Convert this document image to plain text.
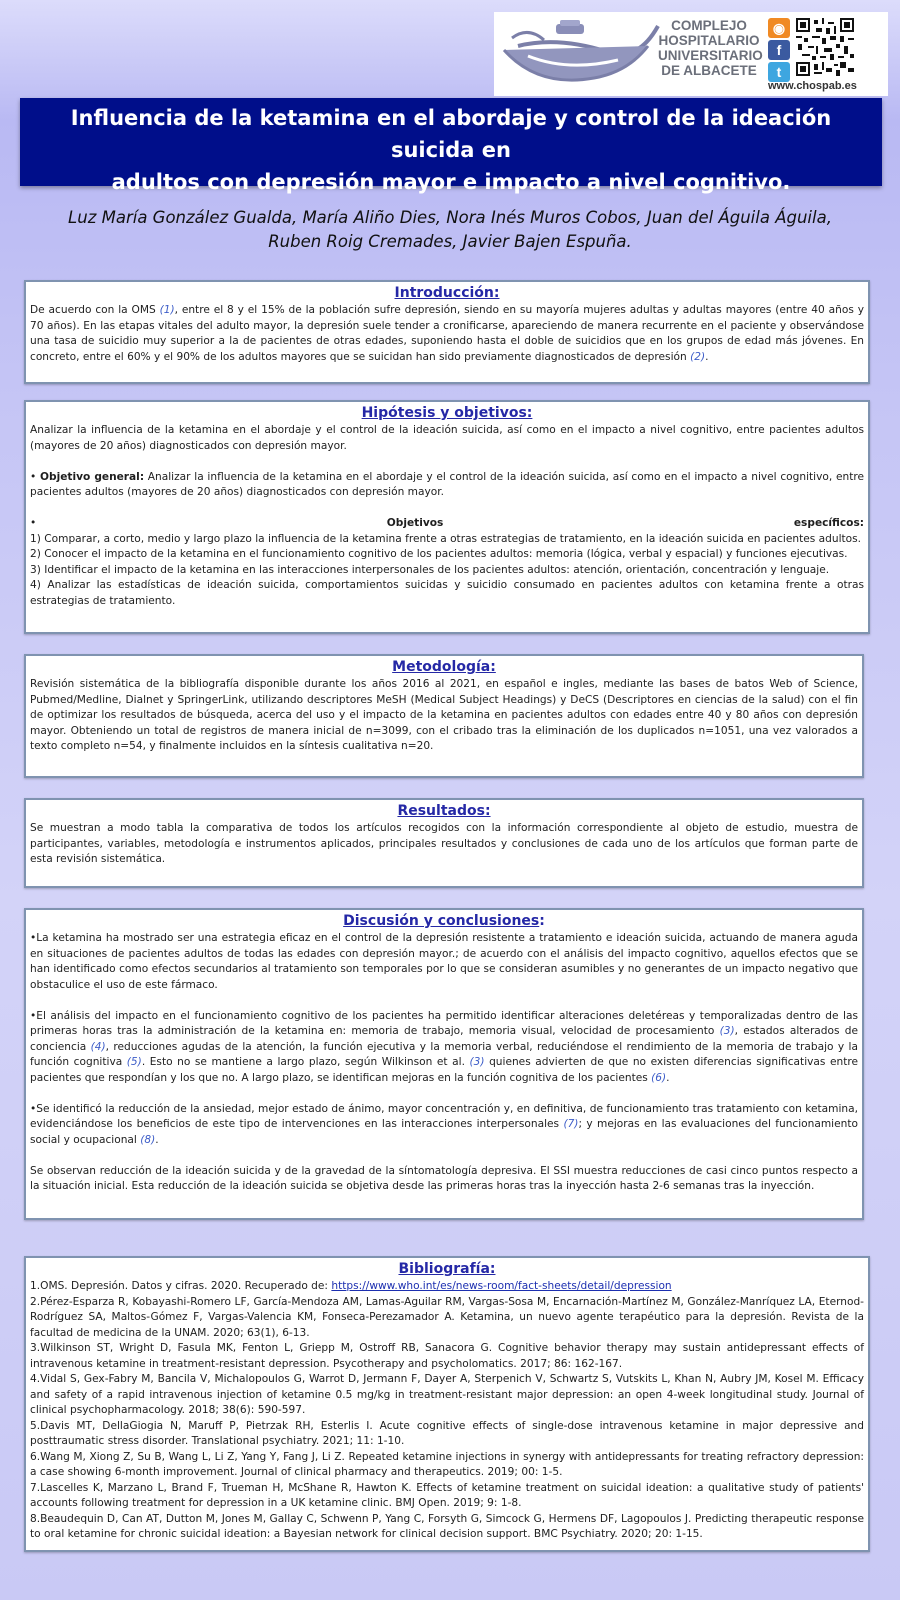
COMPLEJO
HOSPITALARIO
UNIVERSITARIO
DE ALBACETE
◉
f
t
www.chospab.es
Influencia de la ketamina en el abordaje y control de la ideación suicida en
adultos con depresión mayor e impacto a nivel cognitivo.
Luz María González Gualda, María Aliño Dies, Nora Inés Muros Cobos, Juan del Águila Águila,
Ruben Roig Cremades, Javier Bajen Espuña.
Introducción:

De acuerdo con la OMS (1), entre el 8 y el 15% de la población sufre depresión, siendo en su mayoría mujeres adultas y adultas mayores (entre 40 años y 70 años). En las etapas vitales del adulto mayor, la depresión suele tender a cronificarse, apareciendo de manera recurrente en el paciente y observándose una tasa de suicidio muy superior a la de pacientes de otras edades, suponiendo hasta el doble de suicidios que en los grupos de edad más jóvenes. En concreto, entre el 60% y el 90% de los adultos mayores que se suicidan han sido previamente diagnosticados de depresión (2).

Hipótesis y objetivos:

Analizar la influencia de la ketamina en el abordaje y el control de la ideación suicida, así como en el impacto a nivel cognitivo, entre pacientes adultos (mayores de 20 años) diagnosticados con depresión mayor.

• Objetivo general: Analizar la influencia de la ketamina en el abordaje y el control de la ideación suicida, así como en el impacto a nivel cognitivo, entre pacientes adultos (mayores de 20 años) diagnosticados con depresión mayor.

•	Objetivos	específicos:

1) Comparar, a corto, medio y largo plazo la influencia de la ketamina frente a otras estrategias de tratamiento, en la ideación suicida en pacientes adultos.

2) Conocer el impacto de la ketamina en el funcionamiento cognitivo de los pacientes adultos: memoria (lógica, verbal y espacial) y funciones ejecutivas.

3) Identificar el impacto de la ketamina en las interacciones interpersonales de los pacientes adultos: atención, orientación, concentración y lenguaje.

4) Analizar las estadísticas de ideación suicida, comportamientos suicidas y suicidio consumado en pacientes adultos con ketamina frente a otras estrategias de tratamiento.

Metodología:

Revisión sistemática de la bibliografía disponible durante los años 2016 al 2021, en español e ingles, mediante las bases de batos Web of Science, Pubmed/Medline, Dialnet y SpringerLink, utilizando descriptores MeSH (Medical Subject Headings) y DeCS (Descriptores en ciencias de la salud) con el fin de optimizar los resultados de búsqueda, acerca del uso y el impacto de la ketamina en pacientes adultos con edades entre 40 y 80 años con depresión mayor. Obteniendo un total de registros de manera inicial de n=3099, con el cribado tras la eliminación de los duplicados n=1051, una vez valorados a texto completo n=54, y finalmente incluidos en la síntesis cualitativa n=20.

Resultados:

Se muestran a modo tabla la comparativa de todos los artículos recogidos con la información correspondiente al objeto de estudio, muestra de participantes, variables, metodología e instrumentos aplicados, principales resultados y conclusiones de cada uno de los artículos que forman parte de esta revisión sistemática.

Discusión y conclusiones:

•La ketamina ha mostrado ser una estrategia eficaz en el control de la depresión resistente a tratamiento e ideación suicida, actuando de manera aguda en situaciones de pacientes adultos de todas las edades con depresión mayor.; de acuerdo con el análisis del impacto cognitivo, aquellos efectos que se han identificado como efectos secundarios al tratamiento son temporales por lo que se consideran asumibles y no generantes de un impacto negativo que obstaculice el uso de este fármaco.

•El análisis del impacto en el funcionamiento cognitivo de los pacientes ha permitido identificar alteraciones deletéreas y temporalizadas dentro de las primeras horas tras la administración de la ketamina en: memoria de trabajo, memoria visual, velocidad de procesamiento (3), estados alterados de conciencia (4), reducciones agudas de la atención, la función ejecutiva y la memoria verbal, reduciéndose el rendimiento de la memoria de trabajo y la función cognitiva (5). Esto no se mantiene a largo plazo, según Wilkinson et al. (3) quienes advierten de que no existen diferencias significativas entre pacientes que respondían y los que no. A largo plazo, se identifican mejoras en la función cognitiva de los pacientes (6).

•Se identificó la reducción de la ansiedad, mejor estado de ánimo, mayor concentración y, en definitiva, de funcionamiento tras tratamiento con ketamina, evidenciándose los beneficios de este tipo de intervenciones en las interacciones interpersonales (7); y mejoras en las evaluaciones del funcionamiento social y ocupacional (8).

Se observan reducción de la ideación suicida y de la gravedad de la síntomatología depresiva. El SSI muestra reducciones de casi cinco puntos respecto a la situación inicial. Esta reducción de la ideación suicida se objetiva desde las primeras horas tras la inyección hasta 2-6 semanas tras la inyección.

Bibliografía:

1.OMS. Depresión. Datos y cifras. 2020. Recuperado de: https://www.who.int/es/news-room/fact-sheets/detail/depression

2.Pérez-Esparza R, Kobayashi-Romero LF, García-Mendoza AM, Lamas-Aguilar RM, Vargas-Sosa M, Encarnación-Martínez M, González-Manríquez LA, Eternod-Rodríguez SA, Maltos-Gómez F, Vargas-Valencia KM, Fonseca-Perezamador A. Ketamina, un nuevo agente terapéutico para la depresión. Revista de la facultad de medicina de la UNAM. 2020; 63(1), 6-13.

3.Wilkinson ST, Wright D, Fasula MK, Fenton L, Griepp M, Ostroff RB, Sanacora G. Cognitive behavior therapy may sustain antidepressant effects of intravenous ketamine in treatment-resistant depression. Psycotherapy and psycholomatics. 2017; 86: 162-167.

4.Vidal S, Gex-Fabry M, Bancila V, Michalopoulos G, Warrot D, Jermann F, Dayer A, Sterpenich V, Schwartz S, Vutskits L, Khan N, Aubry JM, Kosel M. Efficacy and safety of a rapid intravenous injection of ketamine 0.5 mg/kg in treatment-resistant major depression: an open 4-week longitudinal study. Journal of clinical psychopharmacology. 2018; 38(6): 590-597.

5.Davis MT, DellaGiogia N, Maruff P, Pietrzak RH, Esterlis I. Acute cognitive effects of single-dose intravenous ketamine in major depressive and posttraumatic stress disorder. Translational psychiatry. 2021; 11: 1-10.

6.Wang M, Xiong Z, Su B, Wang L, Li Z, Yang Y, Fang J, Li Z. Repeated ketamine injections in synergy with antidepressants for treating refractory depression: a case showing 6-month improvement. Journal of clinical pharmacy and therapeutics. 2019; 00: 1-5.

7.Lascelles K, Marzano L, Brand F, Trueman H, McShane R, Hawton K. Effects of ketamine treatment on suicidal ideation: a qualitative study of patients' accounts following treatment for depression in a UK ketamine clinic. BMJ Open. 2019; 9: 1-8.

8.Beaudequin D, Can AT, Dutton M, Jones M, Gallay C, Schwenn P, Yang C, Forsyth G, Simcock G, Hermens DF, Lagopoulos J. Predicting therapeutic response to oral ketamine for chronic suicidal ideation: a Bayesian network for clinical decision support. BMC Psychiatry. 2020; 20: 1-15.
